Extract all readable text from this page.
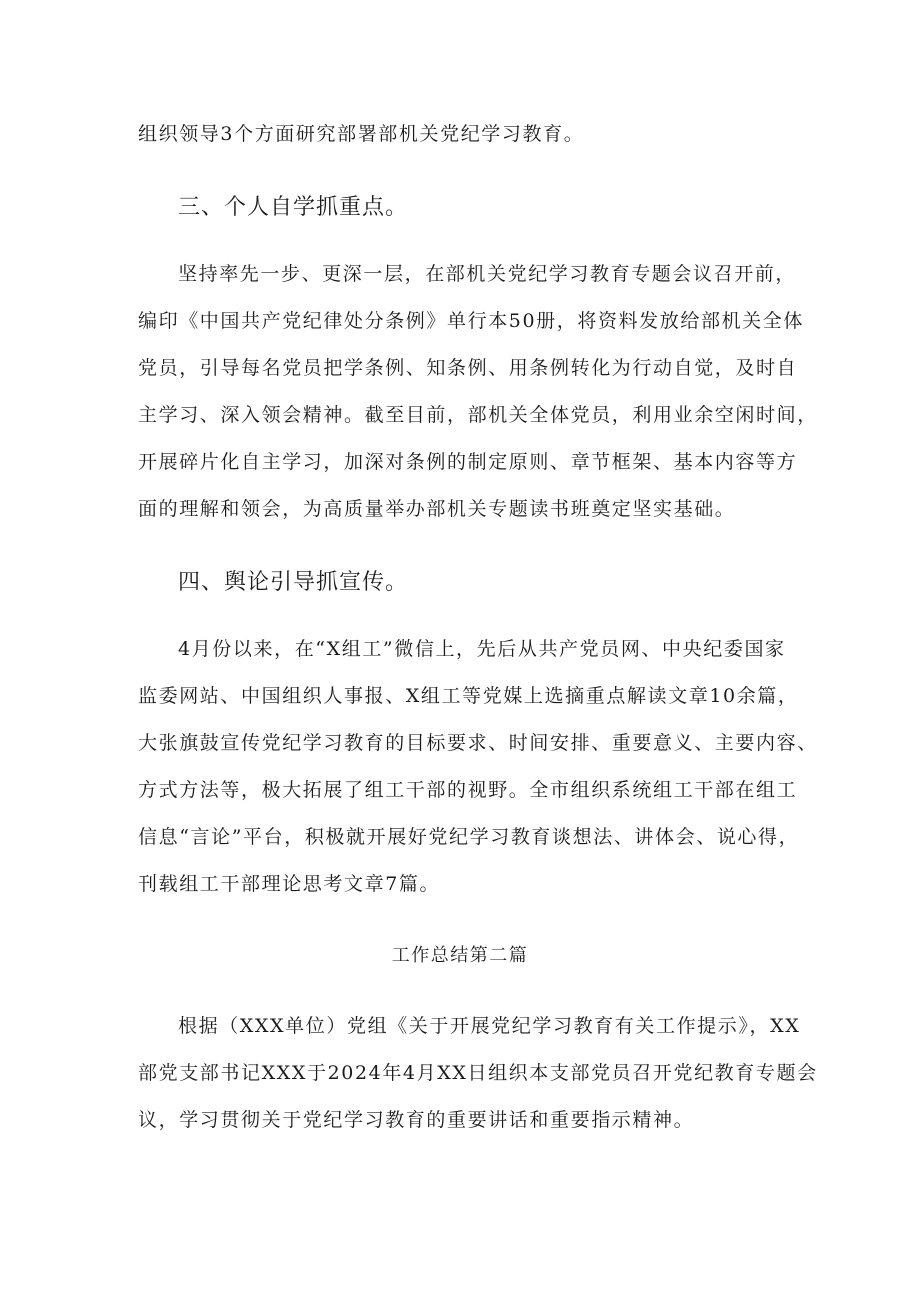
组织领导3个方面研究部署部机关党纪学习教育。
三、个人自学抓重点。
坚持率先一步、更深一层，在部机关党纪学习教育专题会议召开前，
编印《中国共产党纪律处分条例》单行本50册，将资料发放给部机关全体
党员，引导每名党员把学条例、知条例、用条例转化为行动自觉，及时自
主学习、深入领会精神。截至目前，部机关全体党员，利用业余空闲时间，
开展碎片化自主学习，加深对条例的制定原则、章节框架、基本内容等方
面的理解和领会，为高质量举办部机关专题读书班奠定坚实基础。
四、舆论引导抓宣传。
4月份以来，在“X组工”微信上，先后从共产党员网、中央纪委国家
监委网站、中国组织人事报、X组工等党媒上选摘重点解读文章10余篇，
大张旗鼓宣传党纪学习教育的目标要求、时间安排、重要意义、主要内容、
方式方法等，极大拓展了组工干部的视野。全市组织系统组工干部在组工
信息“言论”平台，积极就开展好党纪学习教育谈想法、讲体会、说心得，
刊载组工干部理论思考文章7篇。
工作总结第二篇
根据（XXX单位）党组《关于开展党纪学习教育有关工作提示》，XX
部党支部书记XXX于2024年4月XX日组织本支部党员召开党纪教育专题会
议，学习贯彻关于党纪学习教育的重要讲话和重要指示精神。
